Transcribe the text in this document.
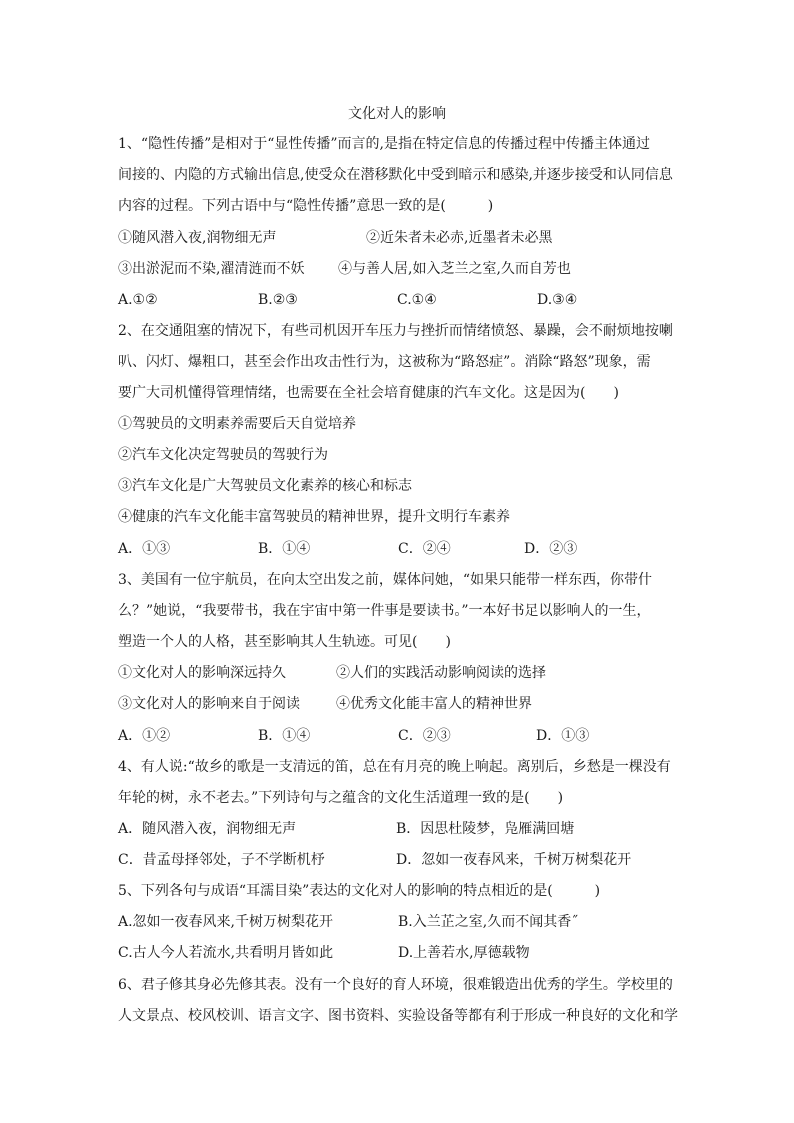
文化对人的影响
1、“隐性传播”是相对于“显性传播”而言的,是指在特定信息的传播过程中传播主体通过
间接的、内隐的方式输出信息,使受众在潜移默化中受到暗示和感染,并逐步接受和认同信息
内容的过程。下列古语中与“隐性传播”意思一致的是(　　　)
①随风潜入夜,润物细无声	②近朱者未必赤,近墨者未必黑
③出淤泥而不染,濯清涟而不妖 ④与善人居,如入芝兰之室,久而自芳也
A.①②	B.②③	C.①④	D.③④
2、在交通阻塞的情况下，有些司机因开车压力与挫折而情绪愤怒、暴躁，会不耐烦地按喇
叭、闪灯、爆粗口，甚至会作出攻击性行为，这被称为“路怒症”。消除“路怒”现象，需
要广大司机懂得管理情绪，也需要在全社会培育健康的汽车文化。这是因为(　　)
①驾驶员的文明素养需要后天自觉培养
②汽车文化决定驾驶员的驾驶行为
③汽车文化是广大驾驶员文化素养的核心和标志
④健康的汽车文化能丰富驾驶员的精神世界，提升文明行车素养
A．①③	B．①④	C．②④	D．②③
3、美国有一位宇航员，在向太空出发之前，媒体问她，“如果只能带一样东西，你带什
么？”她说，“我要带书，我在宇宙中第一件事是要读书。”一本好书足以影响人的一生，
塑造一个人的人格，甚至影响其人生轨迹。可见(　　)
①文化对人的影响深远持久	②人们的实践活动影响阅读的选择
③文化对人的影响来自于阅读	④优秀文化能丰富人的精神世界
A．①②	B．①④	C．②③	D．①③
4、有人说:“故乡的歌是一支清远的笛，总在有月亮的晚上响起。离别后，乡愁是一棵没有
年轮的树，永不老去。”下列诗句与之蕴含的文化生活道理一致的是(　　)
A．随风潜入夜，润物细无声	B．因思杜陵梦，凫雁满回塘
C．昔孟母择邻处，子不学断机杼	D．忽如一夜春风来，千树万树梨花开
5、下列各句与成语“耳濡目染”表达的文化对人的影响的特点相近的是(　　　)
A.忽如一夜春风来,千树万树梨花开	B.入兰芷之室,久而不闻其香˝
C.古人今人若流水,共看明月皆如此	D.上善若水,厚德载物
6、君子修其身必先修其表。没有一个良好的育人环境，很难锻造出优秀的学生。学校里的
人文景点、校风校训、语言文字、图书资料、实验设备等都有利于形成一种良好的文化和学
